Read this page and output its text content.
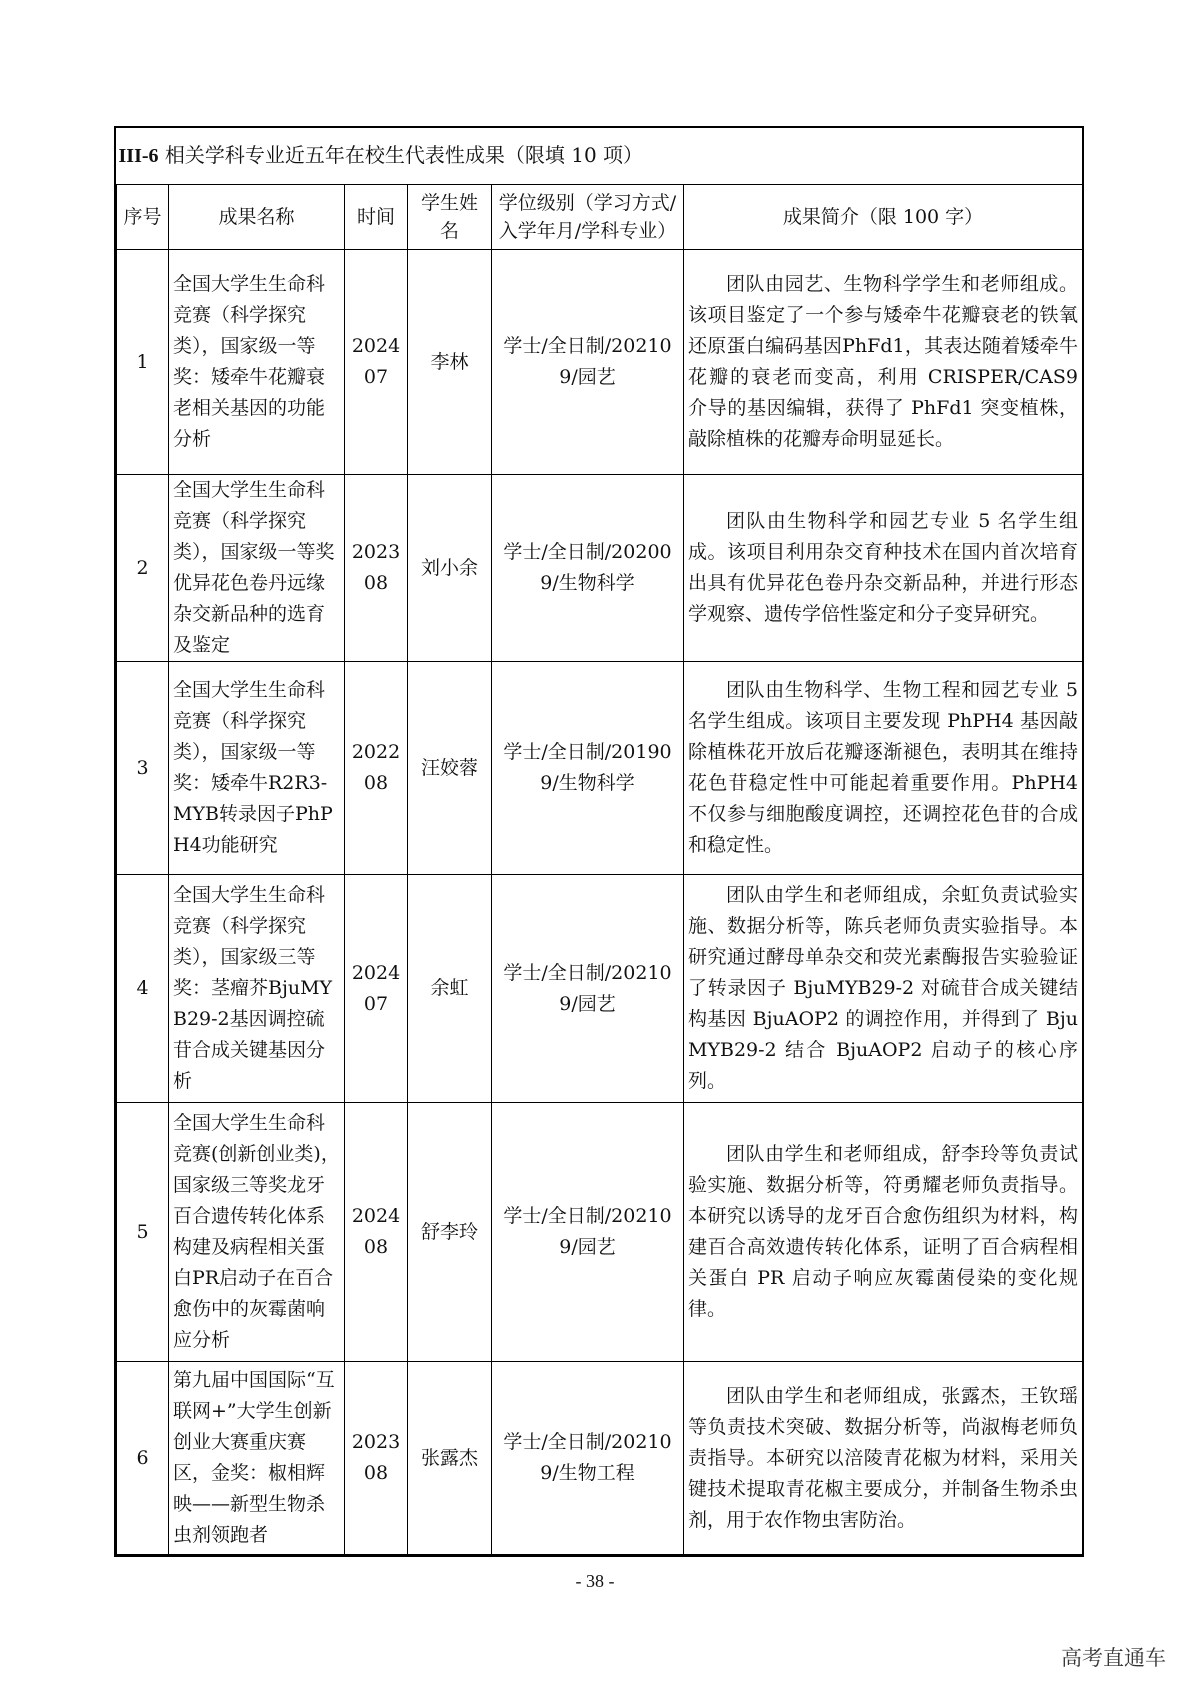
III-6 相关学科专业近五年在校生代表性成果（限填 10 项）					
序号	成果名称	时间	学生姓名	学位级别（学习方式/入学年月/学科专业）	成果简介（限 100 字）
1	全国大学生生命科竞赛（科学探究类），国家级一等奖：矮牵牛花瓣衰老相关基因的功能分析	202407	李林	学士/全日制/202109/园艺	团队由园艺、生物科学学生和老师组成。该项目鉴定了一个参与矮牵牛花瓣衰老的铁氧还原蛋白编码基因PhFd1，其表达随着矮牵牛花瓣的衰老而变高，利用 CRISPER/CAS9 介导的基因编辑，获得了 PhFd1 突变植株，敲除植株的花瓣寿命明显延长。
2	全国大学生生命科竞赛（科学探究类），国家级一等奖优异花色卷丹远缘杂交新品种的选育及鉴定	202308	刘小余	学士/全日制/202009/生物科学	团队由生物科学和园艺专业 5 名学生组成。该项目利用杂交育种技术在国内首次培育出具有优异花色卷丹杂交新品种，并进行形态学观察、遗传学倍性鉴定和分子变异研究。
3	全国大学生生命科竞赛（科学探究类），国家级一等奖：矮牵牛R2R3-MYB转录因子PhPH4功能研究	202208	汪姣蓉	学士/全日制/201909/生物科学	团队由生物科学、生物工程和园艺专业 5 名学生组成。该项目主要发现 PhPH4 基因敲除植株花开放后花瓣逐渐褪色，表明其在维持花色苷稳定性中可能起着重要作用。PhPH4 不仅参与细胞酸度调控，还调控花色苷的合成和稳定性。
4	全国大学生生命科竞赛（科学探究类），国家级三等奖：茎瘤芥BjuMYB29-2基因调控硫苷合成关键基因分析	202407	余虹	学士/全日制/202109/园艺	团队由学生和老师组成，余虹负责试验实施、数据分析等，陈兵老师负责实验指导。本研究通过酵母单杂交和荧光素酶报告实验验证了转录因子 BjuMYB29-2 对硫苷合成关键结构基因 BjuAOP2 的调控作用，并得到了 BjuMYB29-2 结合 BjuAOP2 启动子的核心序列。
5	全国大学生生命科竞赛(创新创业类)，国家级三等奖龙牙百合遗传转化体系构建及病程相关蛋白PR启动子在百合愈伤中的灰霉菌响应分析	202408	舒李玲	学士/全日制/202109/园艺	团队由学生和老师组成，舒李玲等负责试验实施、数据分析等，符勇耀老师负责指导。本研究以诱导的龙牙百合愈伤组织为材料，构建百合高效遗传转化体系，证明了百合病程相关蛋白 PR 启动子响应灰霉菌侵染的变化规律。
6	第九届中国国际“互联网+”大学生创新创业大赛重庆赛区，金奖：椒相辉映——新型生物杀虫剂领跑者	202308	张露杰	学士/全日制/202109/生物工程	团队由学生和老师组成，张露杰，王钦瑶等负责技术突破、数据分析等，尚淑梅老师负责指导。本研究以涪陵青花椒为材料，采用关键技术提取青花椒主要成分，并制备生物杀虫剂，用于农作物虫害防治。
- 38 -
高考直通车
